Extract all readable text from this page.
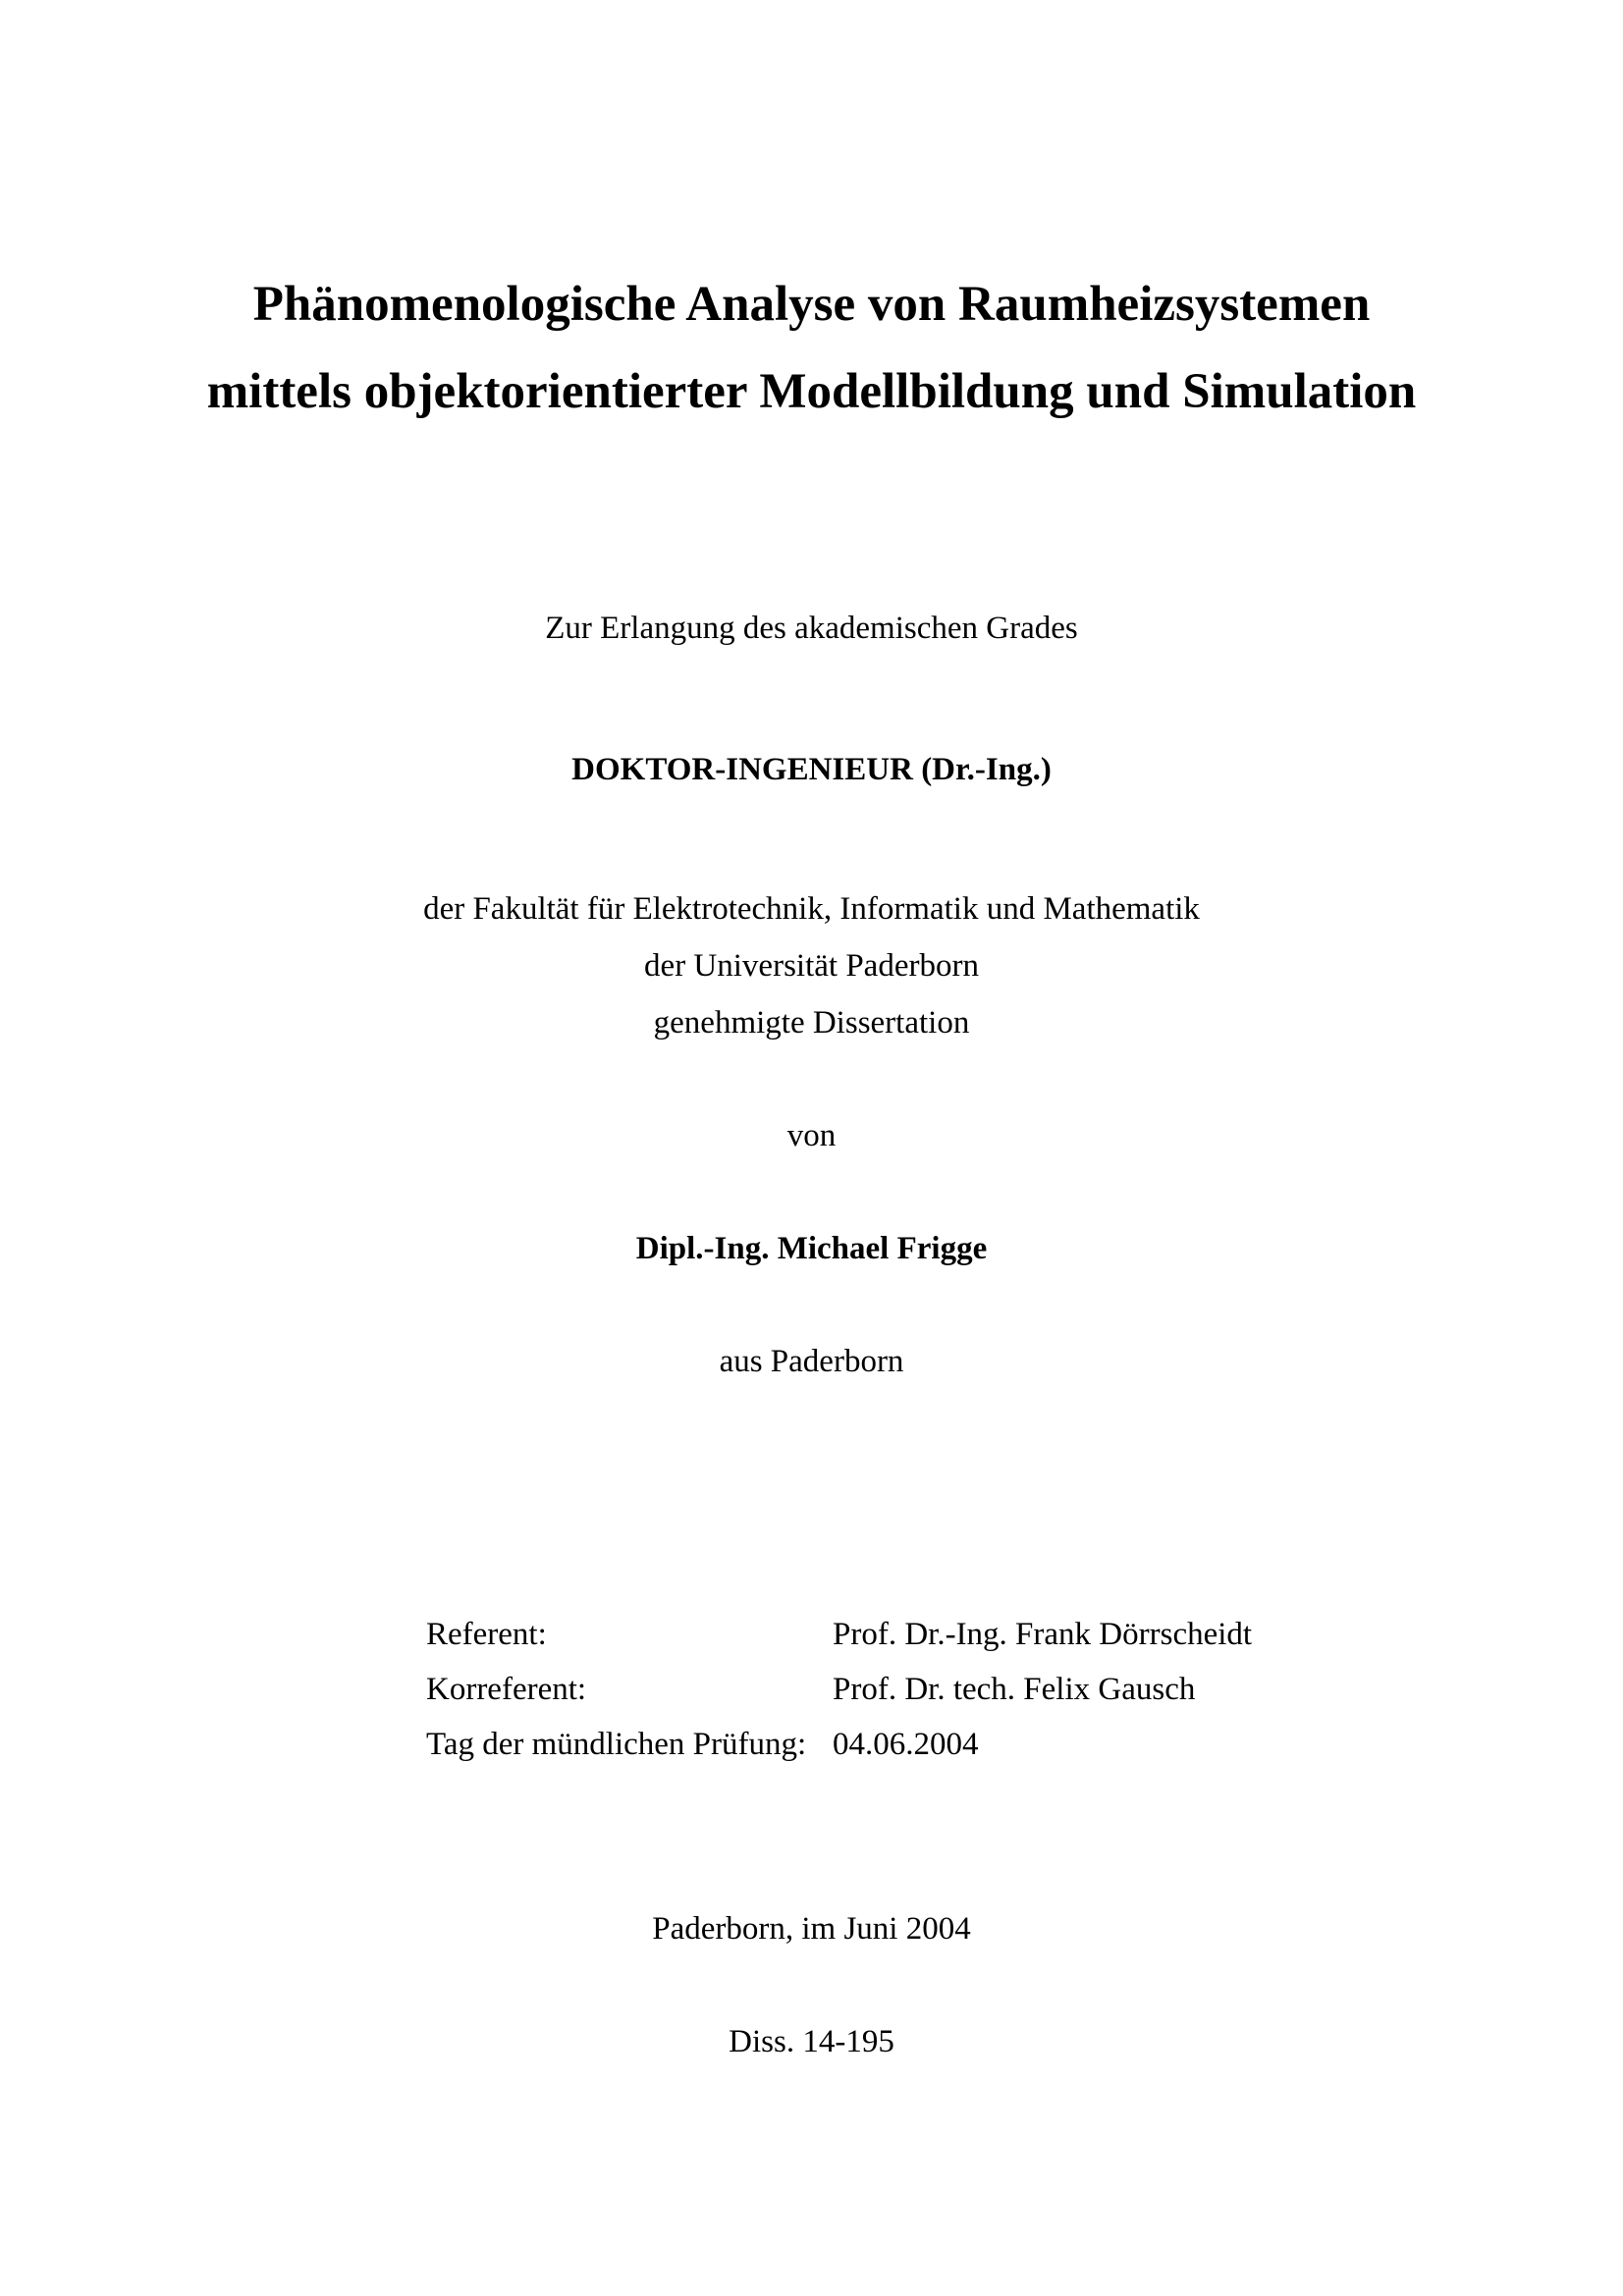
Phänomenologische Analyse von Raumheizsystemen
mittels objektorientierter Modellbildung und Simulation
Zur Erlangung des akademischen Grades
DOKTOR-INGENIEUR (Dr.-Ing.)
der Fakultät für Elektrotechnik, Informatik und Mathematik
der Universität Paderborn
genehmigte Dissertation
von
Dipl.-Ing. Michael Frigge
aus Paderborn
Referent:	Prof. Dr.-Ing. Frank Dörrscheidt
Korreferent:	Prof. Dr. tech. Felix Gausch
Tag der mündlichen Prüfung:	04.06.2004
Paderborn, im Juni 2004
Diss. 14-195
